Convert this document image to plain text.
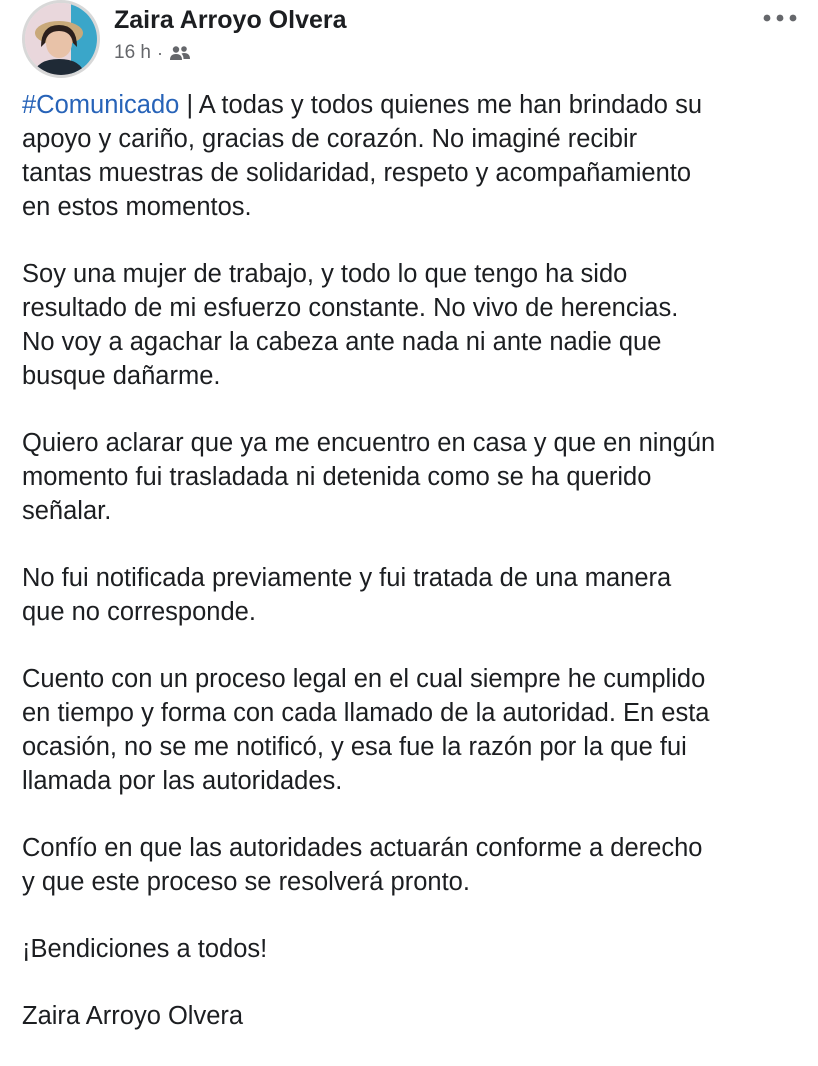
Zaira Arroyo Olvera
16 h ·

#Comunicado | A todas y todos quienes me han brindado su
apoyo y cariño, gracias de corazón. No imaginé recibir
tantas muestras de solidaridad, respeto y acompañamiento
en estos momentos.

Soy una mujer de trabajo, y todo lo que tengo ha sido
resultado de mi esfuerzo constante. No vivo de herencias.
No voy a agachar la cabeza ante nada ni ante nadie que
busque dañarme.

Quiero aclarar que ya me encuentro en casa y que en ningún
momento fui trasladada ni detenida como se ha querido
señalar.

No fui notificada previamente y fui tratada de una manera
que no corresponde.

Cuento con un proceso legal en el cual siempre he cumplido
en tiempo y forma con cada llamado de la autoridad. En esta
ocasión, no se me notificó, y esa fue la razón por la que fui
llamada por las autoridades.

Confío en que las autoridades actuarán conforme a derecho
y que este proceso se resolverá pronto.

¡Bendiciones a todos!

Zaira Arroyo Olvera
